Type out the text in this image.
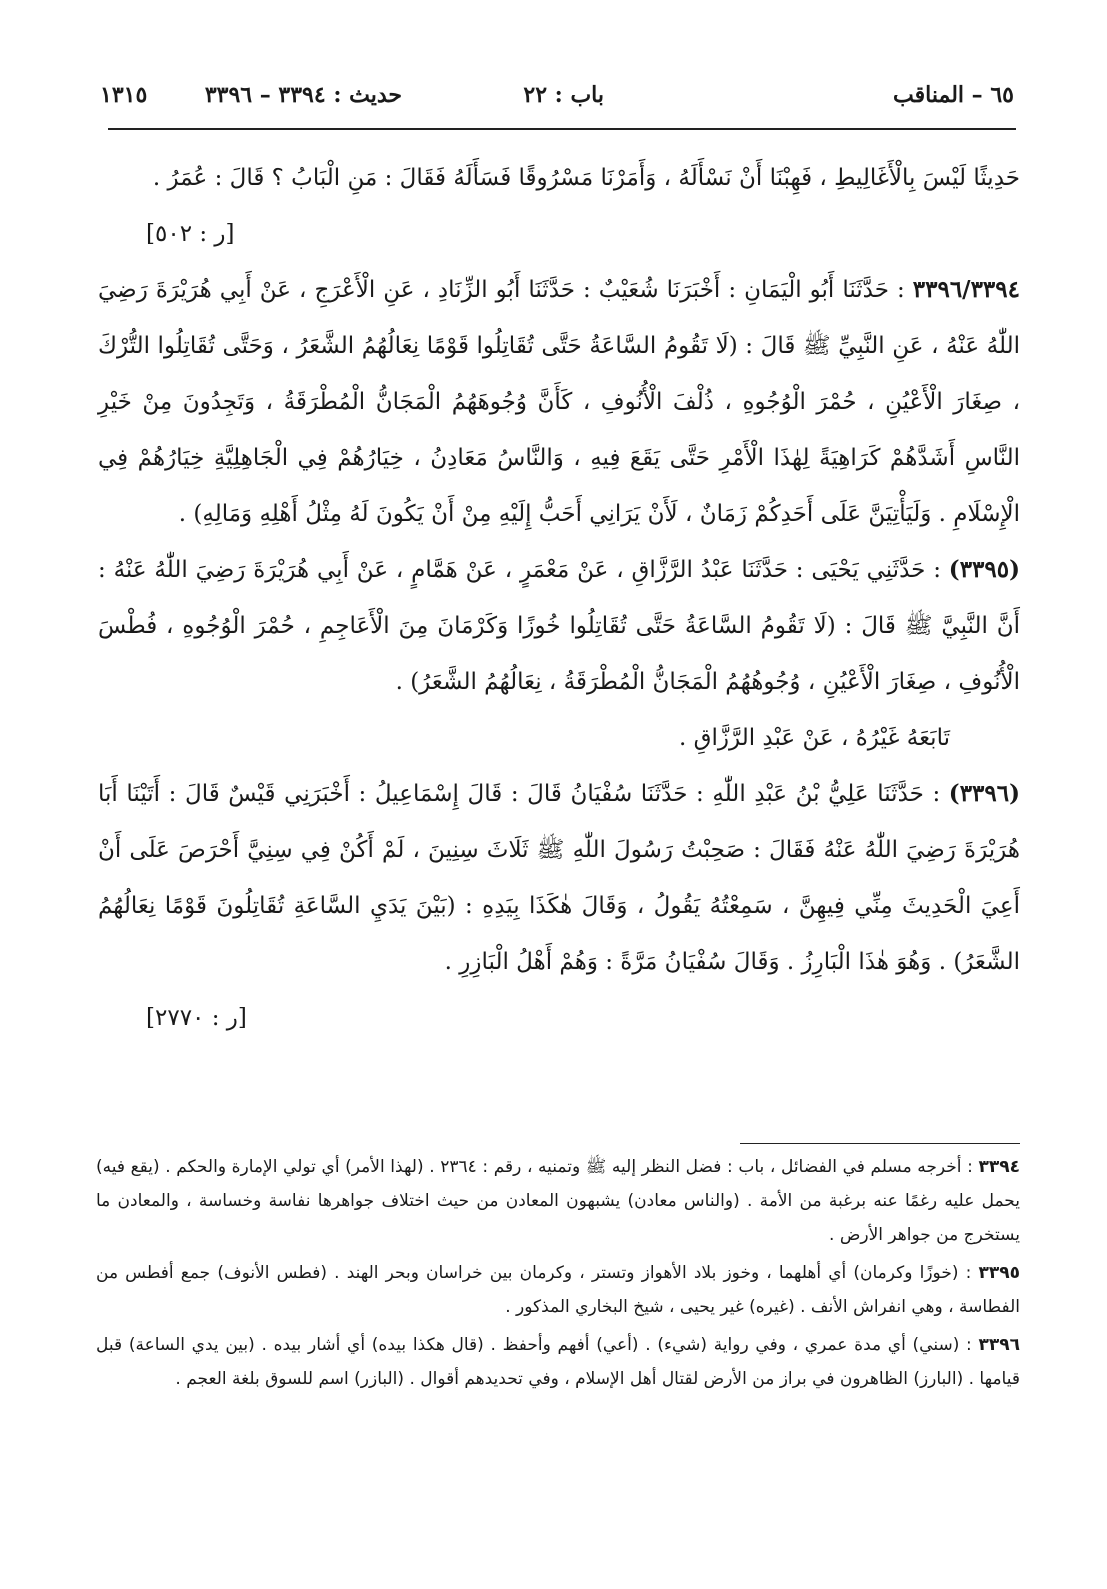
٦٥ – المناقب
باب : ٢٢
حديث : ٣٣٩٤ – ٣٣٩٦
١٣١٥

حَدِيثًا لَيْسَ بِالْأَغَالِيطِ ، فَهِبْنَا أَنْ نَسْأَلَهُ ، وَأَمَرْنَا مَسْرُوقًا فَسَأَلَهُ فَقَالَ : مَنِ الْبَابُ ؟ قَالَ : عُمَرُ .

[ر : ٥٠٢]

٣٣٩٦/٣٣٩٤ : حَدَّثَنَا أَبُو الْيَمَانِ : أَخْبَرَنَا شُعَيْبٌ : حَدَّثَنَا أَبُو الزِّنَادِ ، عَنِ الْأَعْرَجِ ، عَنْ أَبِي هُرَيْرَةَ رَضِيَ اللّٰهُ عَنْهُ ، عَنِ النَّبِيِّ ﷺ قَالَ : (لَا تَقُومُ السَّاعَةُ حَتَّى تُقَاتِلُوا قَوْمًا نِعَالُهُمُ الشَّعَرُ ، وَحَتَّى تُقَاتِلُوا التُّرْكَ ، صِغَارَ الْأَعْيُنِ ، حُمْرَ الْوُجُوهِ ، ذُلْفَ الْأُنُوفِ ، كَأَنَّ وُجُوهَهُمُ الْمَجَانُّ الْمُطْرَقَةُ ، وَتَجِدُونَ مِنْ خَيْرِ النَّاسِ أَشَدَّهُمْ كَرَاهِيَةً لِهٰذَا الْأَمْرِ حَتَّى يَقَعَ فِيهِ ، وَالنَّاسُ مَعَادِنُ ، خِيَارُهُمْ فِي الْجَاهِلِيَّةِ خِيَارُهُمْ فِي الْإِسْلَامِ . وَلَيَأْتِيَنَّ عَلَى أَحَدِكُمْ زَمَانٌ ، لَأَنْ يَرَانِي أَحَبُّ إِلَيْهِ مِنْ أَنْ يَكُونَ لَهُ مِثْلُ أَهْلِهِ وَمَالِهِ) .

(٣٣٩٥) : حَدَّثَنِي يَحْيَى : حَدَّثَنَا عَبْدُ الرَّزَّاقِ ، عَنْ مَعْمَرٍ ، عَنْ هَمَّامٍ ، عَنْ أَبِي هُرَيْرَةَ رَضِيَ اللّٰهُ عَنْهُ : أَنَّ النَّبِيَّ ﷺ قَالَ : (لَا تَقُومُ السَّاعَةُ حَتَّى تُقَاتِلُوا خُوزًا وَكَرْمَانَ مِنَ الْأَعَاجِمِ ، حُمْرَ الْوُجُوهِ ، فُطْسَ الْأُنُوفِ ، صِغَارَ الْأَعْيُنِ ، وُجُوهُهُمُ الْمَجَانُّ الْمُطْرَقَةُ ، نِعَالُهُمُ الشَّعَرُ) .

تَابَعَهُ غَيْرُهُ ، عَنْ عَبْدِ الرَّزَّاقِ .

(٣٣٩٦) : حَدَّثَنَا عَلِيُّ بْنُ عَبْدِ اللّٰهِ : حَدَّثَنَا سُفْيَانُ قَالَ : قَالَ إِسْمَاعِيلُ : أَخْبَرَنِي قَيْسٌ قَالَ : أَتَيْنَا أَبَا هُرَيْرَةَ رَضِيَ اللّٰهُ عَنْهُ فَقَالَ : صَحِبْتُ رَسُولَ اللّٰهِ ﷺ ثَلَاثَ سِنِينَ ، لَمْ أَكُنْ فِي سِنِيَّ أَحْرَصَ عَلَى أَنْ أَعِيَ الْحَدِيثَ مِنِّي فِيهِنَّ ، سَمِعْتُهُ يَقُولُ ، وَقَالَ هٰكَذَا بِيَدِهِ : (بَيْنَ يَدَيِ السَّاعَةِ تُقَاتِلُونَ قَوْمًا نِعَالُهُمُ الشَّعَرُ) . وَهُوَ هٰذَا الْبَارِزُ . وَقَالَ سُفْيَانُ مَرَّةً : وَهُمْ أَهْلُ الْبَازِرِ .

[ر : ٢٧٧٠]

٣٣٩٤ : أخرجه مسلم في الفضائل ، باب : فضل النظر إليه ﷺ وتمنيه ، رقم : ٢٣٦٤ . (لهذا الأمر) أي تولي الإمارة والحكم . (يقع فيه) يحمل عليه رغمًا عنه برغبة من الأمة . (والناس معادن) يشبهون المعادن من حيث اختلاف جواهرها نفاسة وخساسة ، والمعادن ما يستخرج من جواهر الأرض .

٣٣٩٥ : (خوزًا وكرمان) أي أهلهما ، وخوز بلاد الأهواز وتستر ، وكرمان بين خراسان وبحر الهند . (فطس الأنوف) جمع أفطس من الفطاسة ، وهي انفراش الأنف . (غيره) غير يحيى ، شيخ البخاري المذكور .

٣٣٩٦ : (سني) أي مدة عمري ، وفي رواية (شيء) . (أعي) أفهم وأحفظ . (قال هكذا بيده) أي أشار بيده . (بين يدي الساعة) قبل قيامها . (البارز) الظاهرون في براز من الأرض لقتال أهل الإسلام ، وفي تحديدهم أقوال . (البازر) اسم للسوق بلغة العجم .
